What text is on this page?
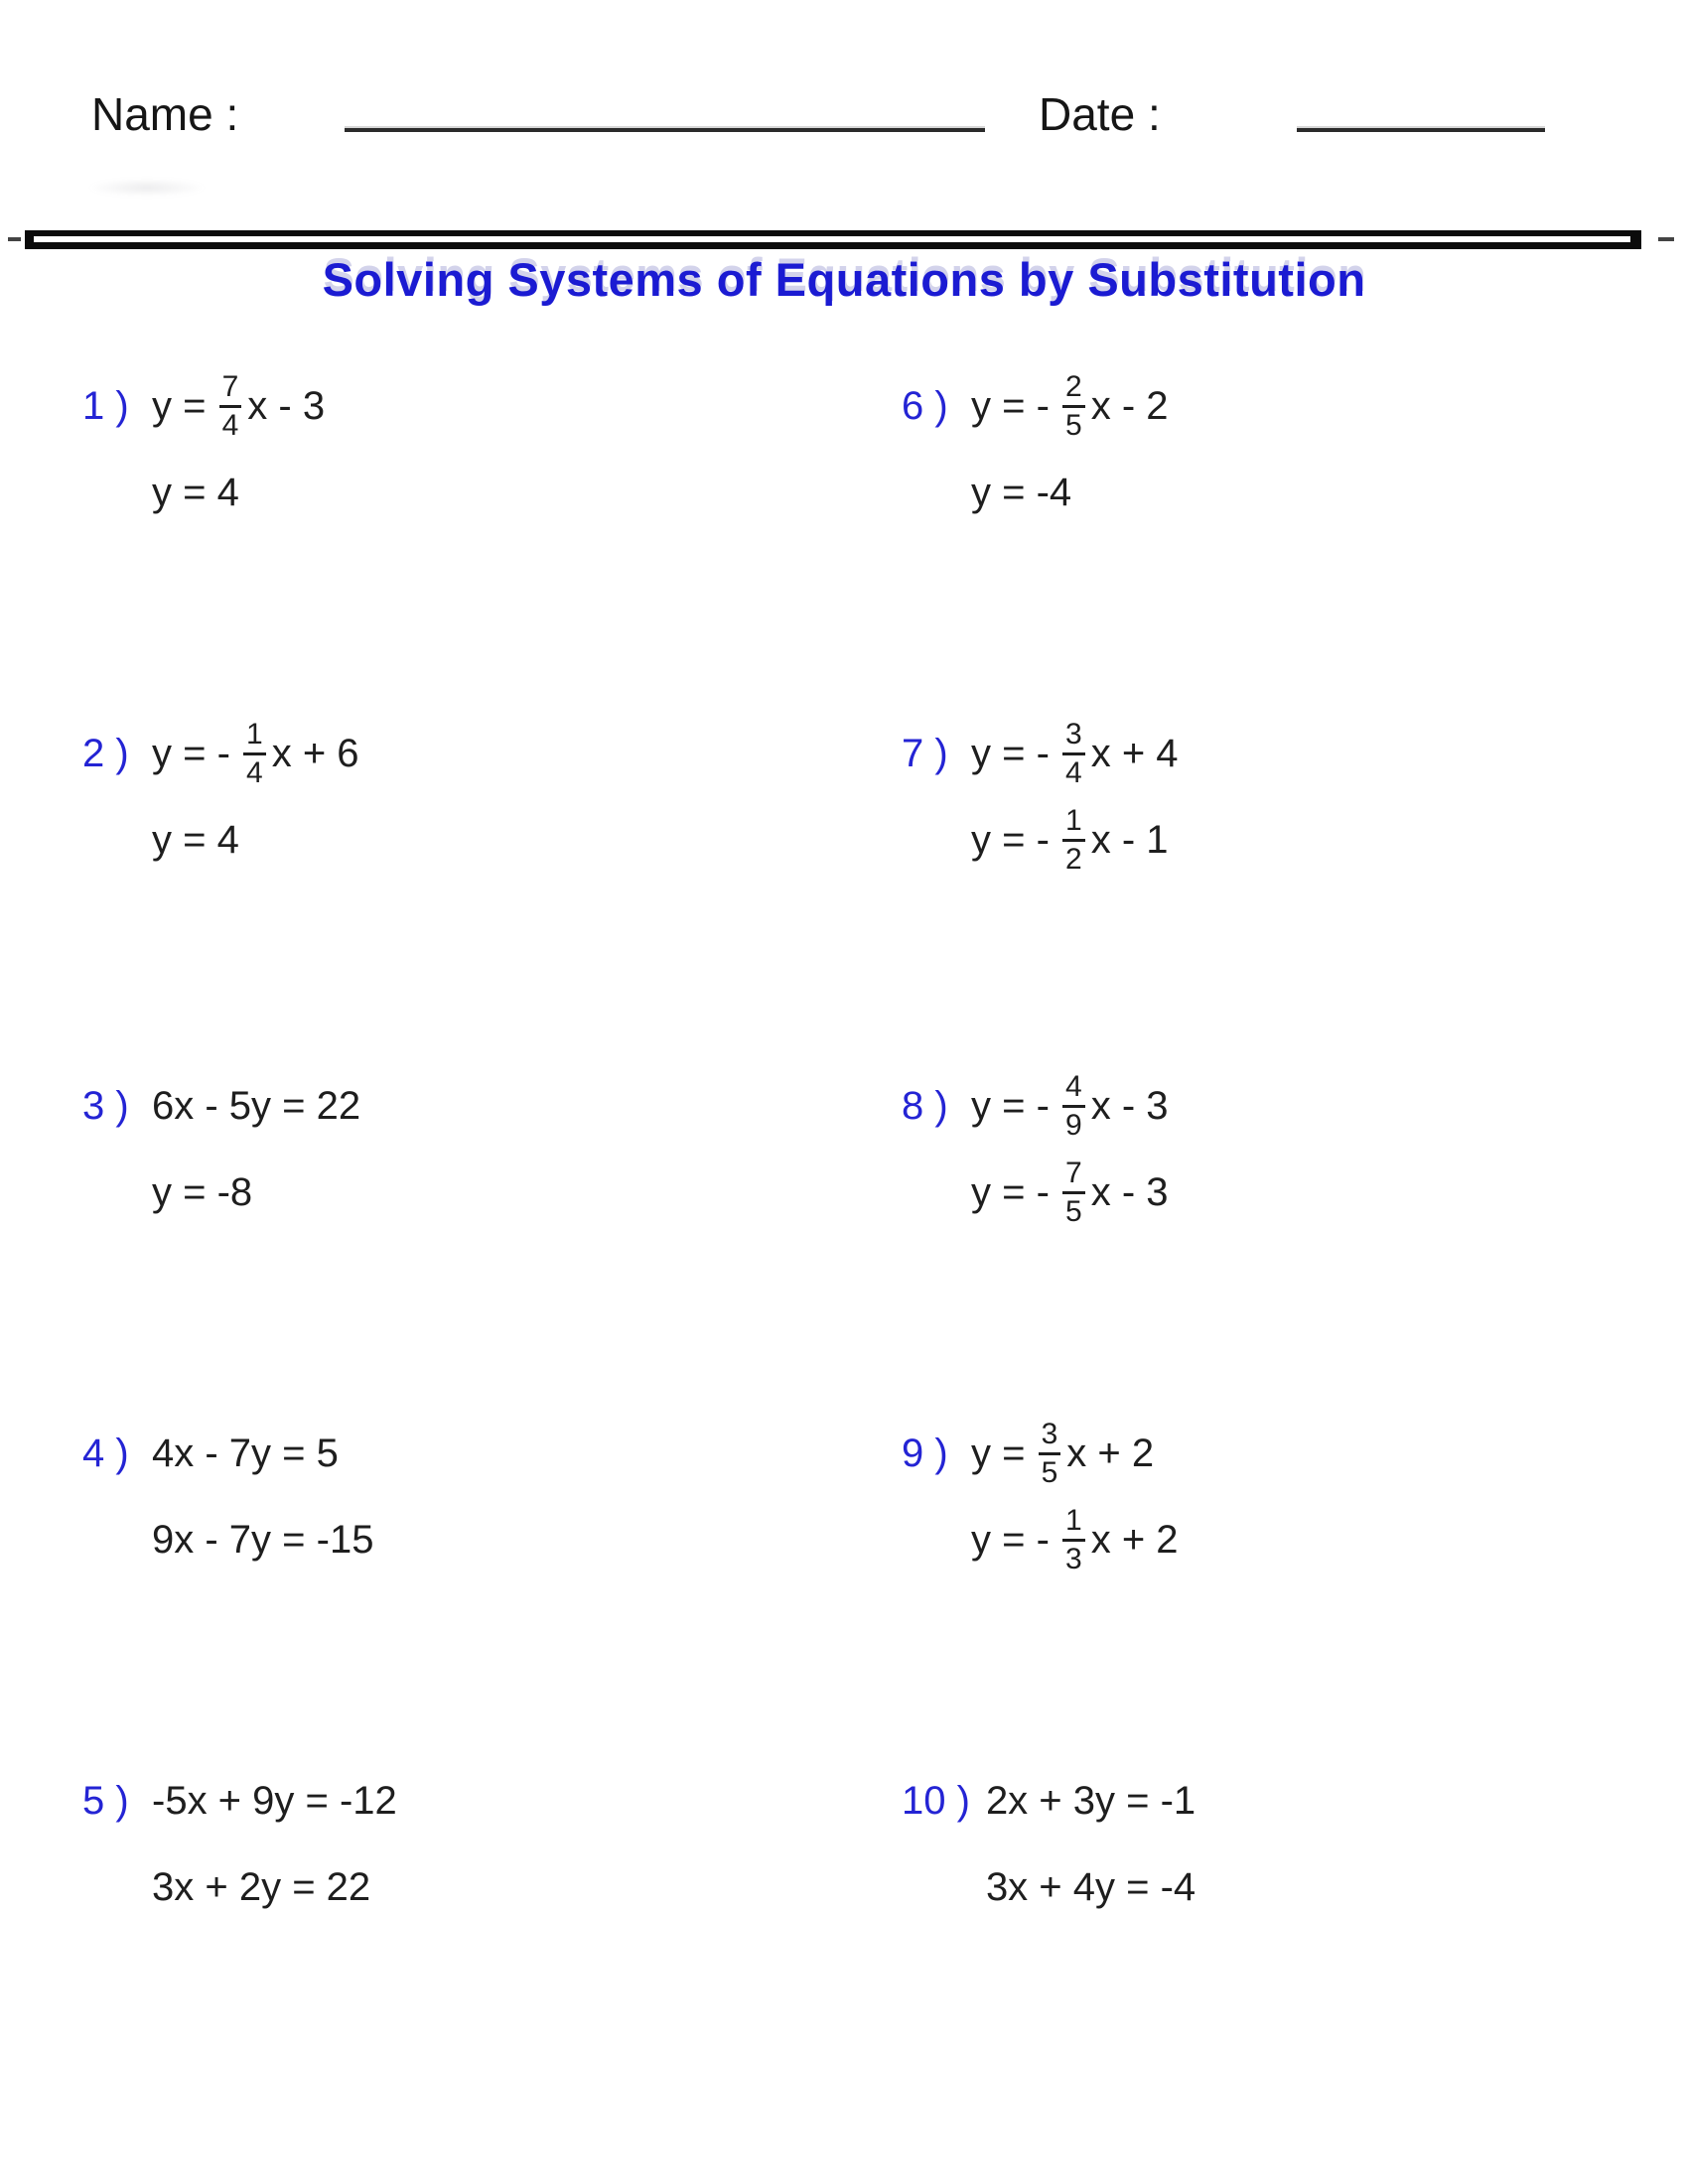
Name :	Date :
Solving Systems of Equations by Substitution
1 ) $y = \frac{7}{4}$ x - 3
y = 4
2 ) y = - $\frac{1}{4}$ x + 6
y = 4
3 ) 6x - 5y = 22
y = -8
4 ) 4x - 7y = 5
9x - 7y = -15
5 ) -5x + 9y = -12
3x + 2y = 22
6 ) y = - $\frac{2}{5}$ x - 2
y = -4
7 ) y = - $\frac{3}{4}$ x + 4
y = - $\frac{1}{2}$ x - 1
8 ) y = - $\frac{4}{9}$ x - 3
y = - $\frac{7}{5}$ x - 3
9 ) $y = \frac{3}{5}$ x + 2
y = - $\frac{1}{3}$ x + 2
10 ) 2x + 3y = -1
3x + 4y = -4
